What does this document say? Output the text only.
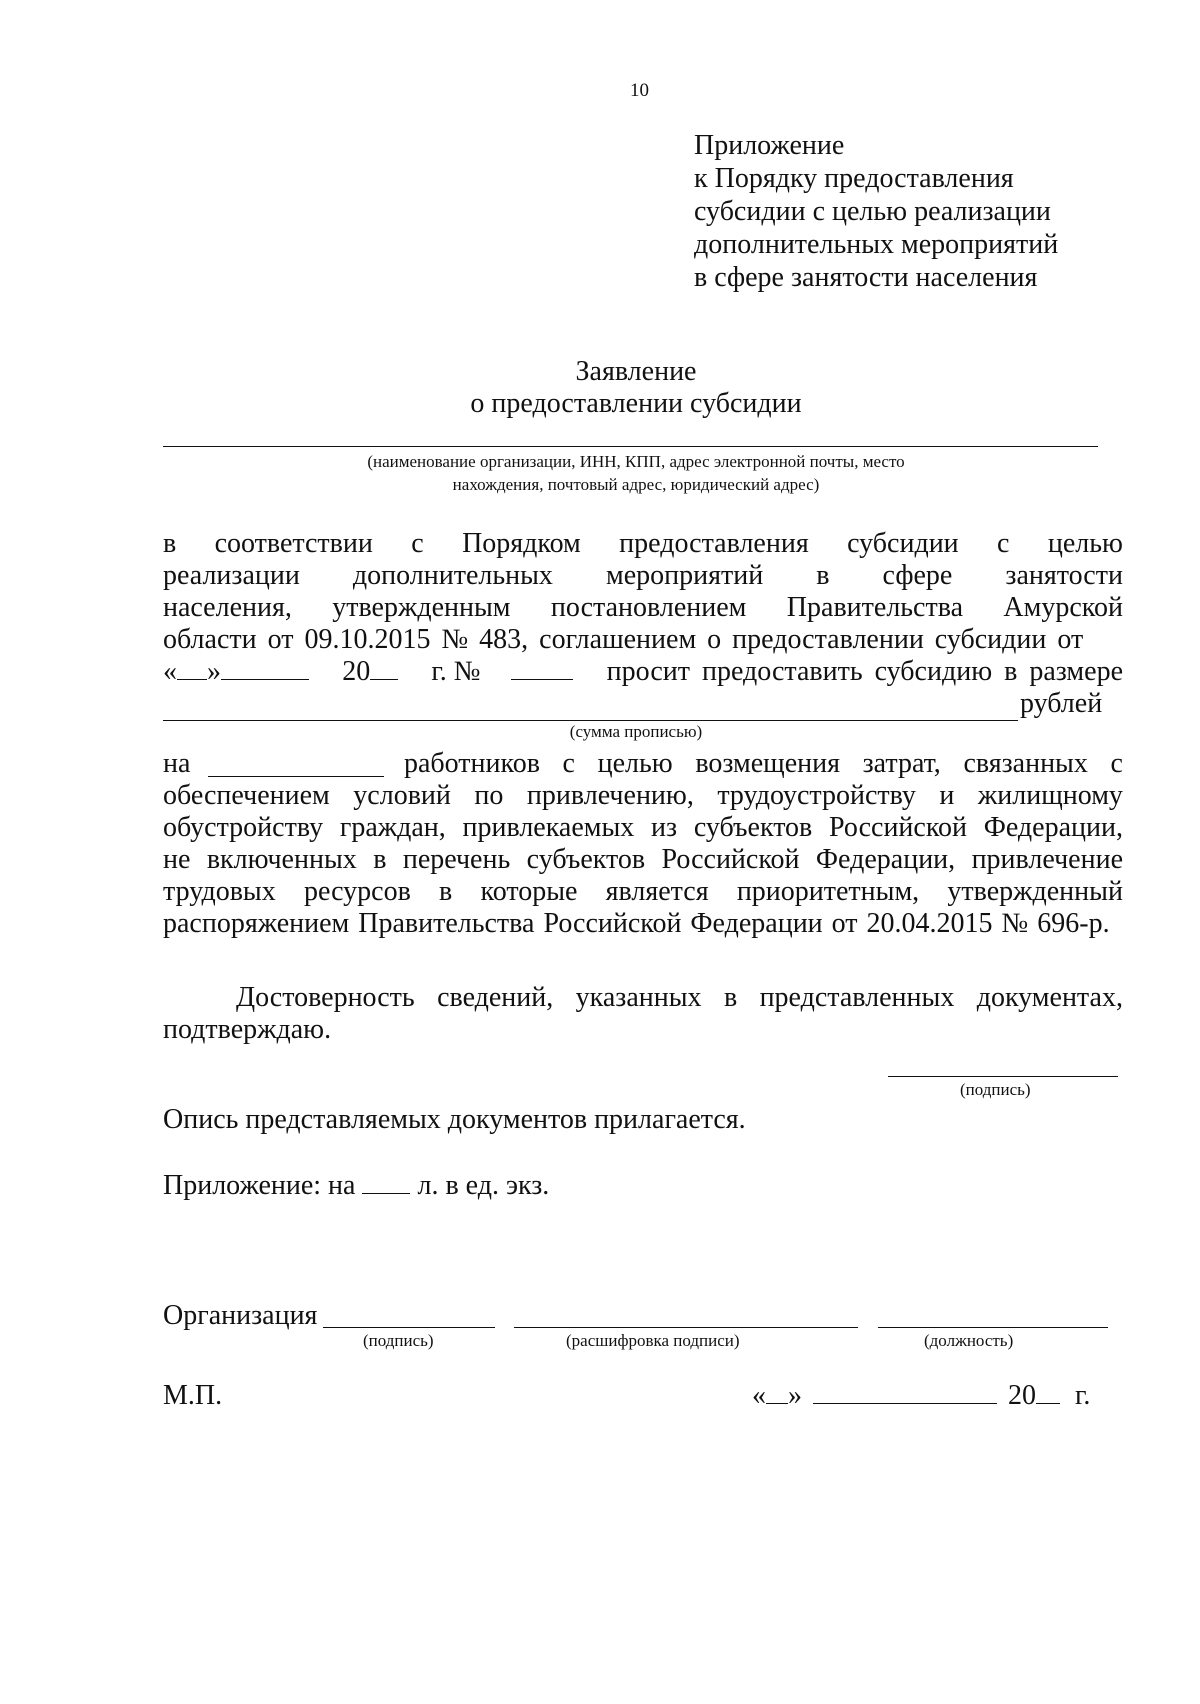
10
Приложение
к Порядку предоставления
субсидии с целью реализации
дополнительных мероприятий
в сфере занятости населения
Заявление
о предоставлении субсидии
(наименование организации, ИНН, КПП, адрес электронной почты, место
нахождения, почтовый адрес, юридический адрес)
в соответствии с Порядком предоставления субсидии с целью
реализации дополнительных мероприятий в сфере занятости
населения, утвержденным постановлением Правительства Амурской
области от 09.10.2015 № 483, соглашением о предоставлении субсидии от
« »	20	г. №	просит предоставить субсидию в размере
рублей
(сумма прописью)
на	работников с целью возмещения затрат, связанных с
обеспечением условий по привлечению, трудоустройству и жилищному
обустройству граждан, привлекаемых из субъектов Российской Федерации,
не включенных в перечень субъектов Российской Федерации, привлечение
трудовых ресурсов в которые является приоритетным, утвержденный
распоряжением Правительства Российской Федерации от 20.04.2015 № 696-р.
Достоверность сведений, указанных в представленных документах,
подтверждаю.
(подпись)
Опись представляемых документов прилагается.
Приложение: на л. в ед. экз.
Организация
(подпись)	(расшифровка подписи)	(должность)
М.П.	« »	20 г.
